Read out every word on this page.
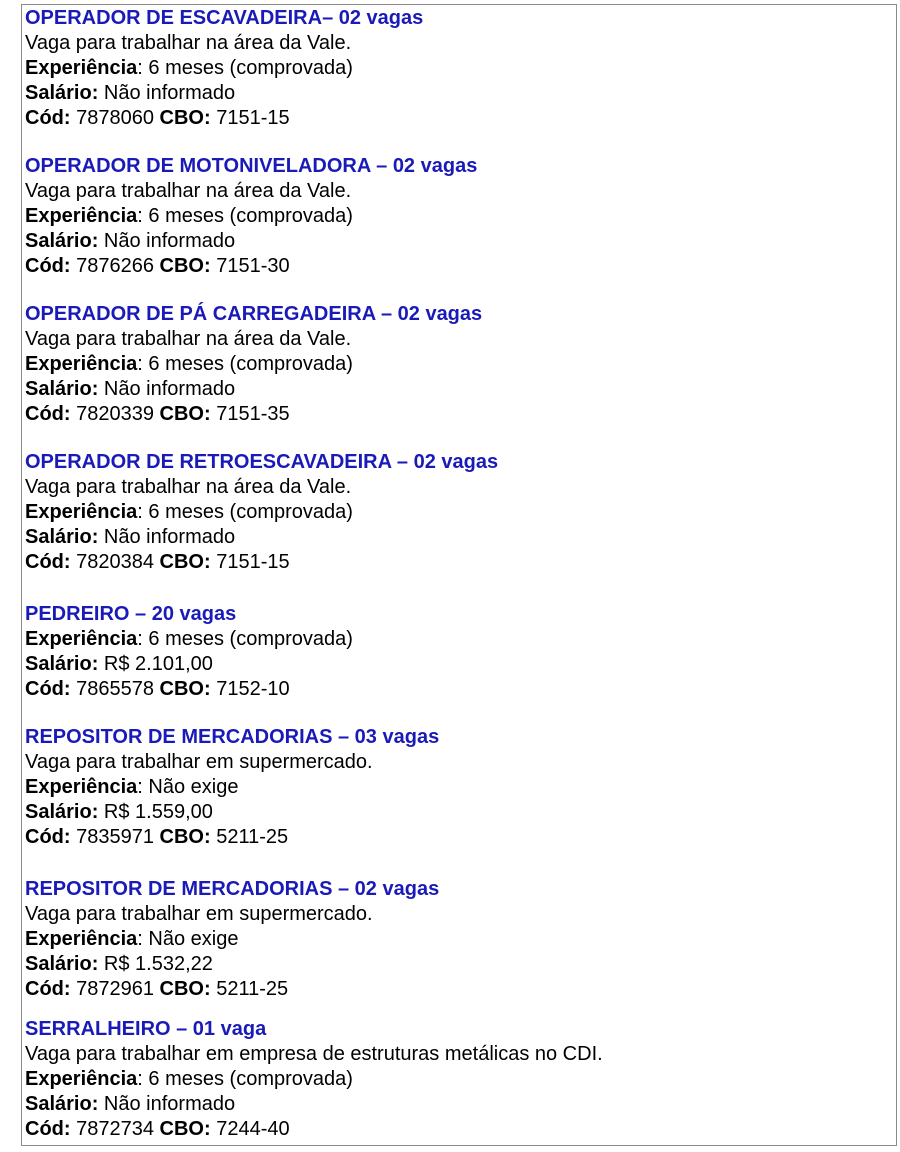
OPERADOR DE ESCAVADEIRA– 02 vagas
Vaga para trabalhar na área da Vale.
Experiência: 6 meses (comprovada)
Salário: Não informado
Cód: 7878060 CBO: 7151-15
OPERADOR DE MOTONIVELADORA – 02 vagas
Vaga para trabalhar na área da Vale.
Experiência: 6 meses (comprovada)
Salário: Não informado
Cód: 7876266 CBO: 7151-30
OPERADOR DE PÁ CARREGADEIRA – 02 vagas
Vaga para trabalhar na área da Vale.
Experiência: 6 meses (comprovada)
Salário: Não informado
Cód: 7820339 CBO: 7151-35
OPERADOR DE RETROESCAVADEIRA – 02 vagas
Vaga para trabalhar na área da Vale.
Experiência: 6 meses (comprovada)
Salário: Não informado
Cód: 7820384 CBO: 7151-15
PEDREIRO – 20 vagas
Experiência: 6 meses (comprovada)
Salário: R$ 2.101,00
Cód: 7865578 CBO: 7152-10
REPOSITOR DE MERCADORIAS – 03 vagas
Vaga para trabalhar em supermercado.
Experiência: Não exige
Salário: R$ 1.559,00
Cód: 7835971 CBO: 5211-25
REPOSITOR DE MERCADORIAS – 02 vagas
Vaga para trabalhar em supermercado.
Experiência: Não exige
Salário: R$ 1.532,22
Cód: 7872961 CBO: 5211-25
SERRALHEIRO – 01 vaga
Vaga para trabalhar em empresa de estruturas metálicas no CDI.
Experiência: 6 meses (comprovada)
Salário: Não informado
Cód: 7872734 CBO: 7244-40
